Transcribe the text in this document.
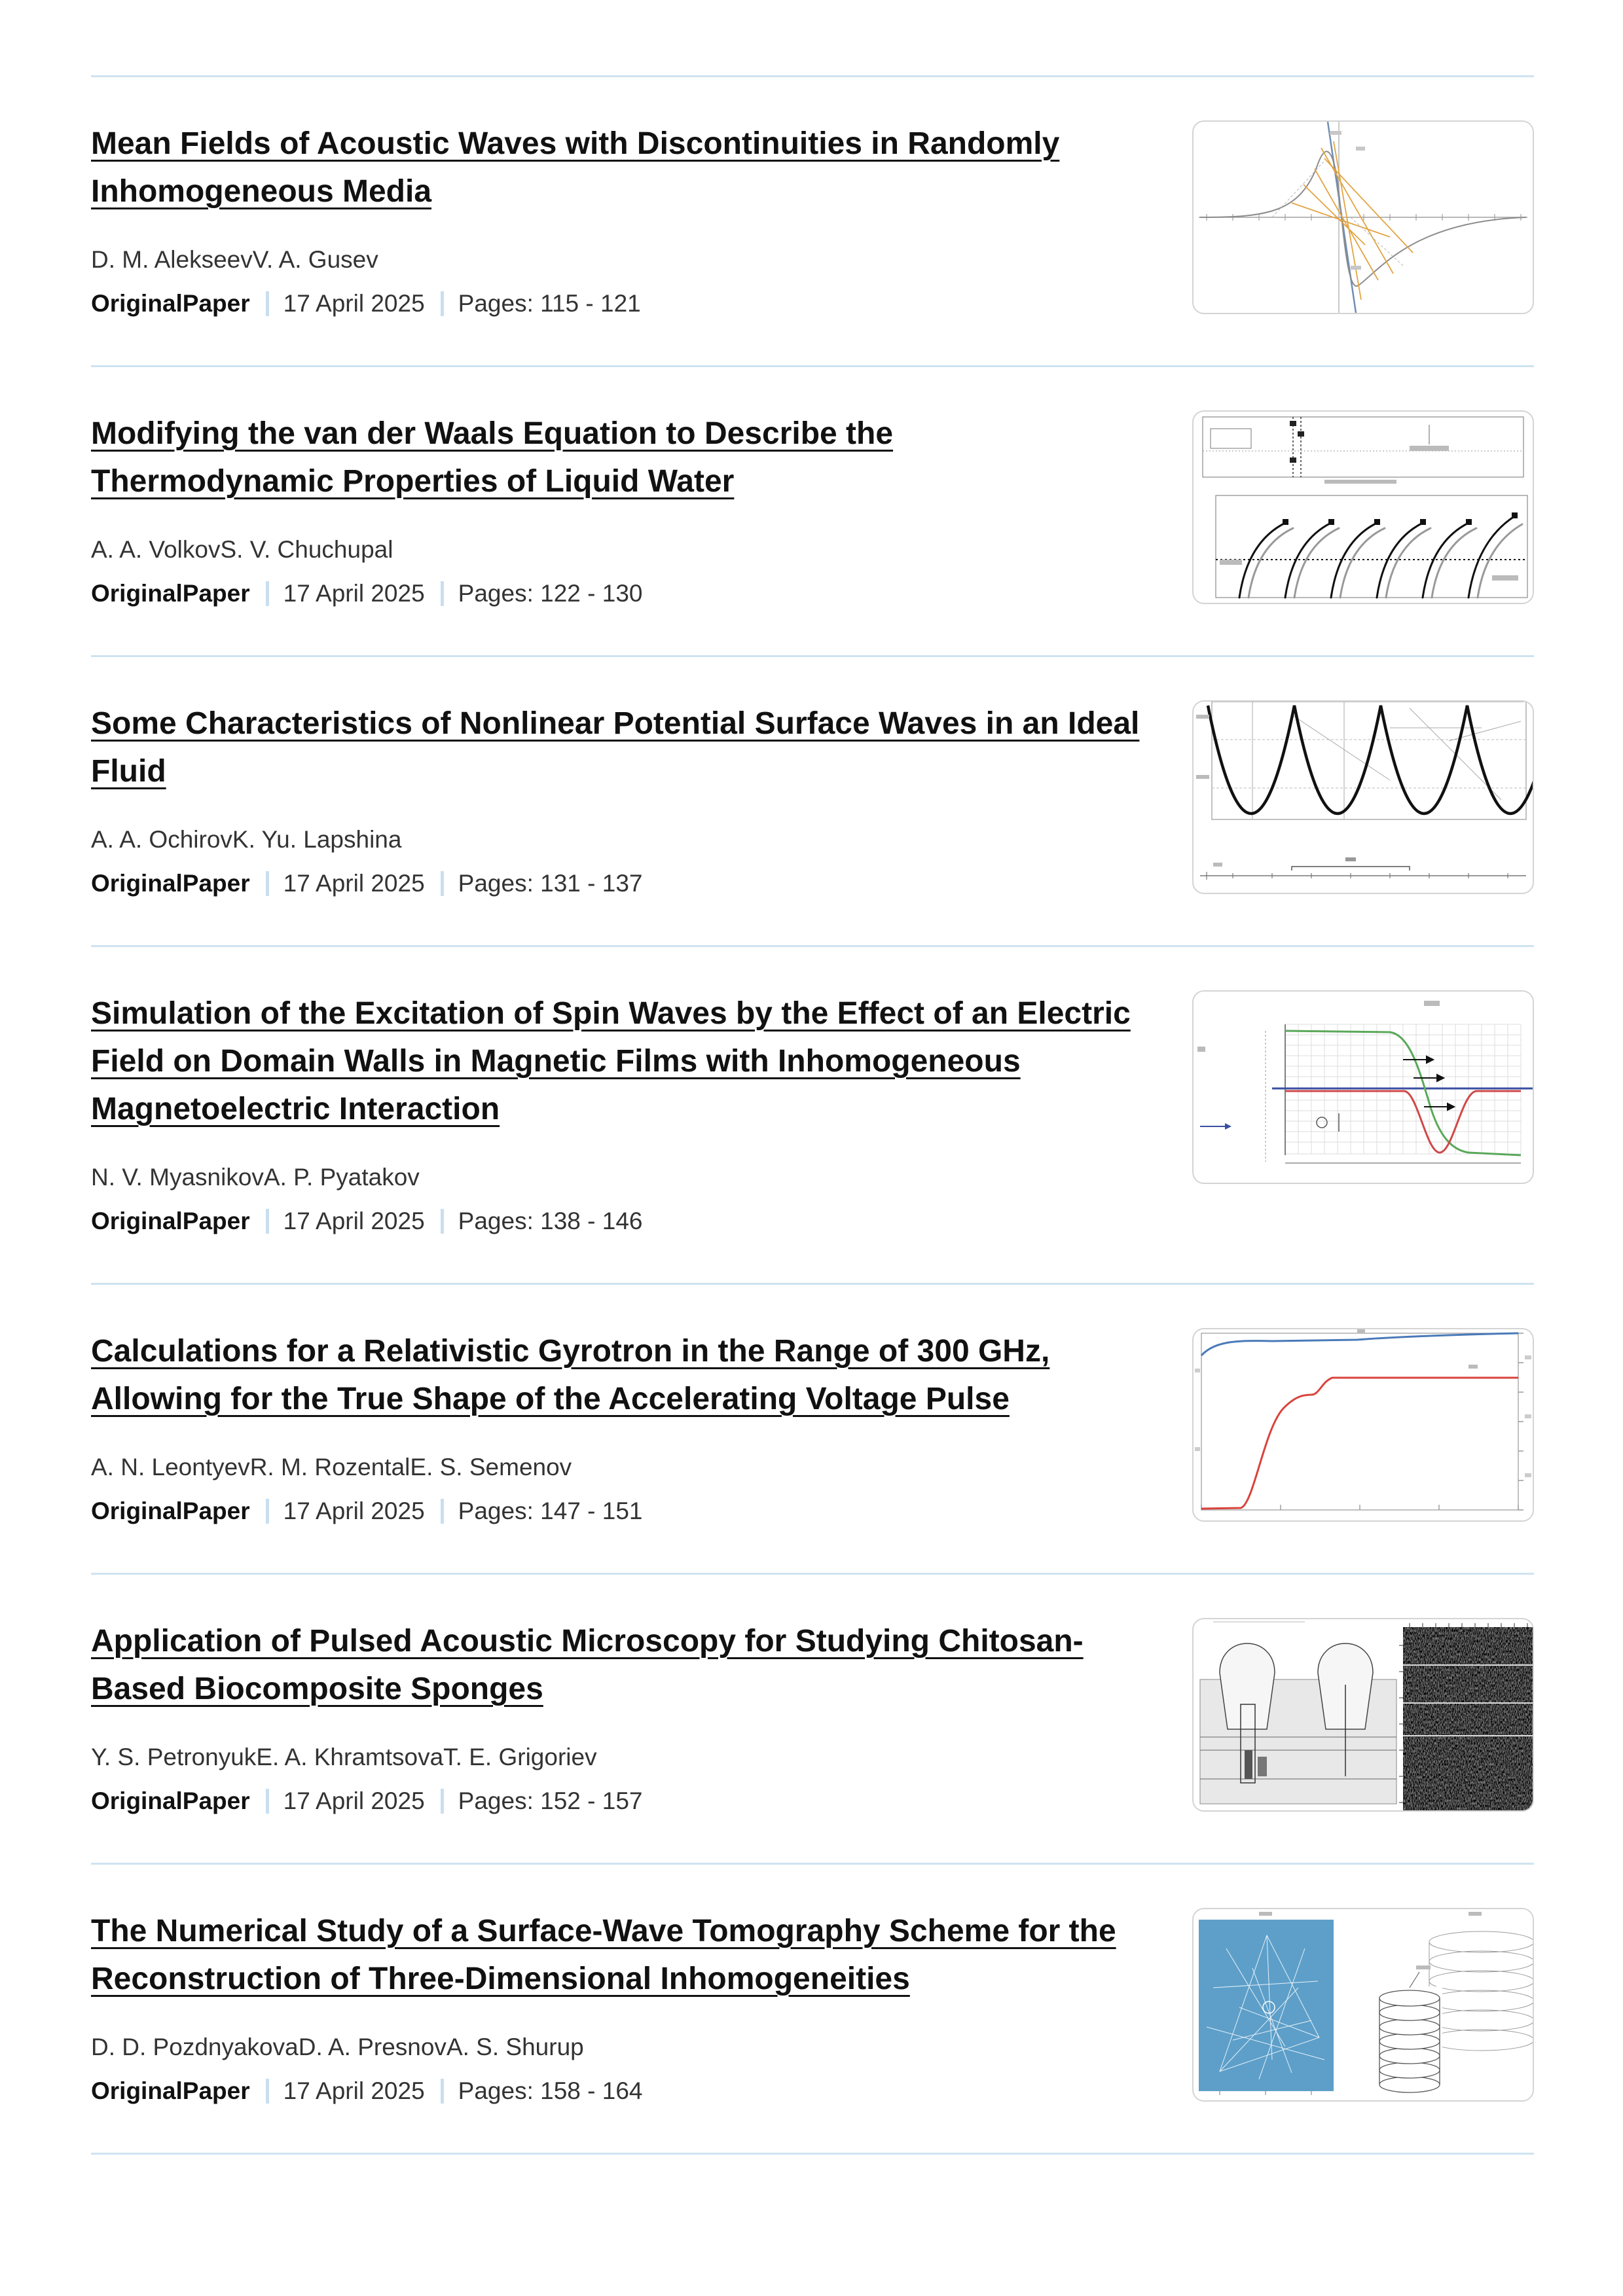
Mean Fields of Acoustic Waves with Discontinuities in Randomly
Inhomogeneous Media
D. M. AlekseevV. A. Gusev
OriginalPaper 17 April 2025 Pages: 115 - 121
Modifying the van der Waals Equation to Describe the
Thermodynamic Properties of Liquid Water
A. A. VolkovS. V. Chuchupal
OriginalPaper 17 April 2025 Pages: 122 - 130
Some Characteristics of Nonlinear Potential Surface Waves in an Ideal
Fluid
A. A. OchirovK. Yu. Lapshina
OriginalPaper 17 April 2025 Pages: 131 - 137
Simulation of the Excitation of Spin Waves by the Effect of an Electric
Field on Domain Walls in Magnetic Films with Inhomogeneous
Magnetoelectric Interaction
N. V. MyasnikovA. P. Pyatakov
OriginalPaper 17 April 2025 Pages: 138 - 146
Calculations for a Relativistic Gyrotron in the Range of 300 GHz,
Allowing for the True Shape of the Accelerating Voltage Pulse
A. N. LeontyevR. M. RozentalE. S. Semenov
OriginalPaper 17 April 2025 Pages: 147 - 151
Application of Pulsed Acoustic Microscopy for Studying Chitosan-
Based Biocomposite Sponges
Y. S. PetronyukE. A. KhramtsovaT. E. Grigoriev
OriginalPaper 17 April 2025 Pages: 152 - 157
The Numerical Study of a Surface-Wave Tomography Scheme for the
Reconstruction of Three-Dimensional Inhomogeneities
D. D. PozdnyakovaD. A. PresnovA. S. Shurup
OriginalPaper 17 April 2025 Pages: 158 - 164
